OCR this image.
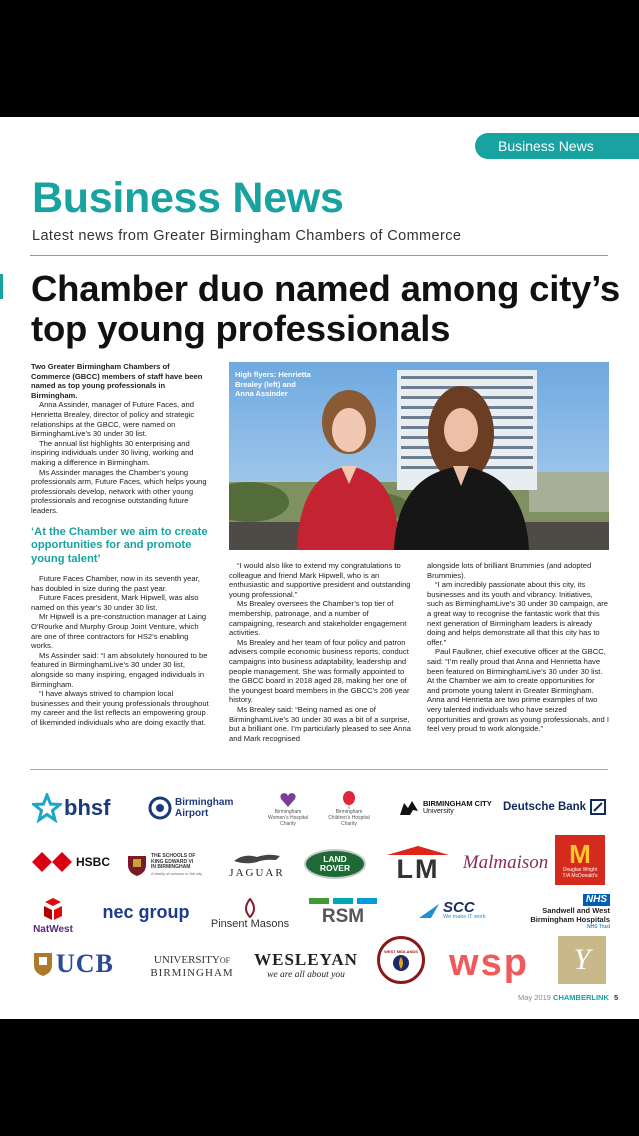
Business News
Business News
Latest news from Greater Birmingham Chambers of Commerce
Chamber duo named among city’s top young professionals

Two Greater Birmingham Chambers of Commerce (GBCC) members of staff have been named as top young professionals in Birmingham.

Anna Assinder, manager of Future Faces, and Henrietta Brealey, director of policy and strategic relationships at the GBCC, were named on BirminghamLive’s 30 under 30 list.

The annual list highlights 30 enterprising and inspiring individuals under 30 living, working and making a difference in Birmingham.

Ms Assinder manages the Chamber’s young professionals arm, Future Faces, which helps young professionals develop, network with other young professionals and recognise outstanding future leaders.

‘At the Chamber we aim to create opportunities for and promote young talent’

Future Faces Chamber, now in its seventh year, has doubled in size during the past year.

Future Faces president, Mark Hipwell, was also named on this year’s 30 under 30 list.

Mr Hipwell is a pre-construction manager at Laing O’Rourke and Murphy Group Joint Venture, which are one of three contractors for HS2’s enabling works.

Ms Assinder said: “I am absolutely honoured to be featured in BirminghamLive’s 30 under 30 list, alongside so many inspiring, engaged individuals in Birmingham.

“I have always strived to champion local businesses and their young professionals throughout my career and the list reflects an empowering group of likeminded individuals who are doing exactly that.

High flyers: Henrietta Brealey (left) and Anna Assinder

“I would also like to extend my congratulations to colleague and friend Mark Hipwell, who is an enthusiastic and supportive president and outstanding young professional.”

Ms Brealey oversees the Chamber’s top tier of membership, patronage, and a number of campaigning, research and stakeholder engagement activities.

Ms Brealey and her team of four policy and patron advisers compile economic business reports, conduct campaigns into business adaptability, leadership and people management. She was formally appointed to the GBCC board in 2018 aged 28, making her one of the youngest board members in the GBCC’s 206 year history.

Ms Brealey said: “Being named as one of BirminghamLive’s 30 under 30 was a bit of a surprise, but a brilliant one. I’m particularly pleased to see Anna and Mark recognised

alongside lots of brilliant Brummies (and adopted Brummies).

“I am incredibly passionate about this city, its businesses and its youth and vibrancy. Initiatives, such as BirminghamLive’s 30 under 30 campaign, are a great way to recognise the fantastic work that this next generation of Birmingham leaders is already doing and helps demonstrate all that this city has to offer.”

Paul Faulkner, chief executive officer at the GBCC, said: “I’m really proud that Anna and Henrietta have been featured on BirminghamLive’s 30 under 30 list. At the Chamber we aim to create opportunities for and promote young talent in Greater Birmingham. Anna and Henrietta are two prime examples of two very talented individuals who have seized opportunities and grown as young professionals, and I feel very proud to work alongside.”

bhsf	Birmingham
Airport	Birmingham
Women’s Hospital
Charity
Birmingham
Children’s Hospital
Charity
BIRMINGHAM CITY
University	Deutsche Bank
HSBC	THE SCHOOLS OF
KING EDWARD VI
IN BIRMINGHAM
A family of schools in the city JAGUAR
LAND
ROVER LM Malmaison M
Douglas Wright
T/A McDonald’s
NatWest
nec group
Pinsent Masons RSM	SCC
We make IT work
NHS
Sandwell and West
Birmingham Hospitals
NHS Trust
UCB	UNIVERSITYOF
BIRMINGHAM
WESLEYAN
we are all about you
WEST MIDLANDS wsp Y
May 2019 CHAMBERLINK 5
